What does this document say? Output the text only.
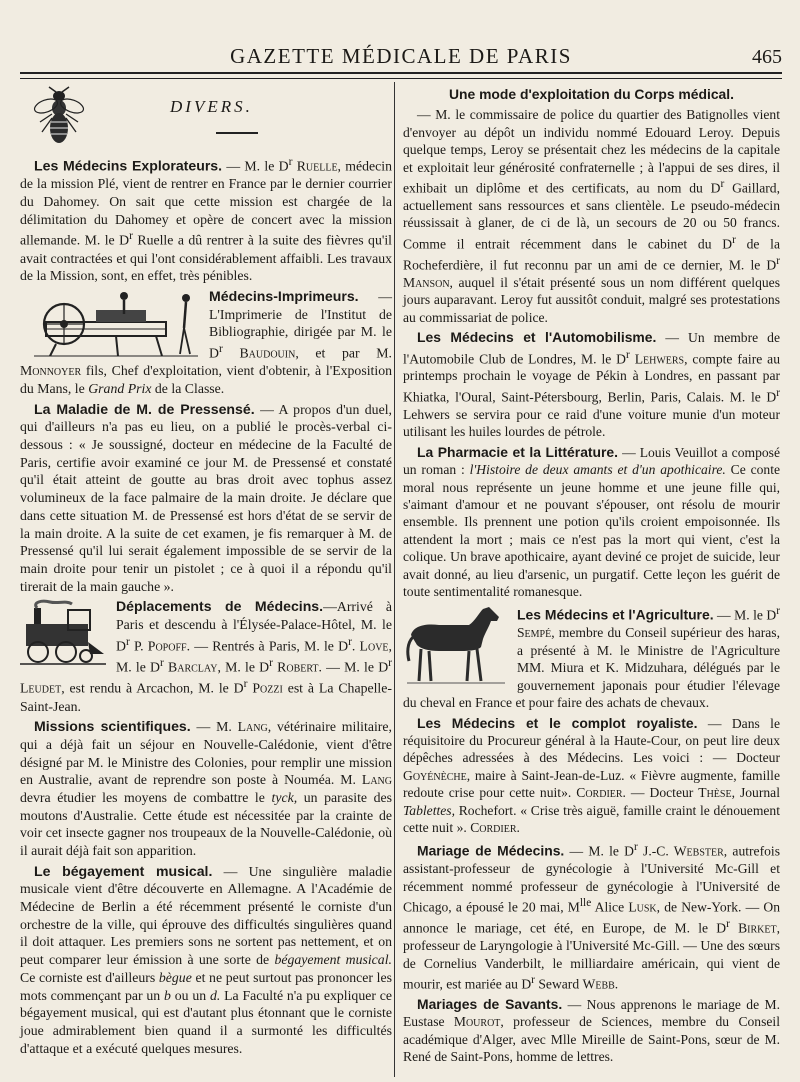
GAZETTE MÉDICALE DE PARIS	465
DIVERS.

Les Médecins Explorateurs. — M. le $D^r$ Ruelle, médecin de la mission Plé, vient de rentrer en France par le dernier courrier du Dahomey. On sait que cette mission est chargée de la délimitation du Dahomey et opère de concert avec la mission allemande. M. le $D^r$ Ruelle a dû rentrer à la suite des fièvres qu'il avait contractées et qui l'ont considérablement affaibli. Les travaux de la Mission, sont, en effet, très pénibles.

Médecins-Imprimeurs. — L'Imprimerie de l'Institut de Bibliographie, dirigée par M. le $D^r$ Baudouin, et par M. Monnoyer fils, Chef d'exploitation, vient d'obtenir, à l'Exposition du Mans, le Grand Prix de la Classe.

La Maladie de M. de Pressensé. — A propos d'un duel, qui d'ailleurs n'a pas eu lieu, on a publié le procès-verbal ci-dessous : « Je soussigné, docteur en médecine de la Faculté de Paris, certifie avoir examiné ce jour M. de Pressensé et constaté qu'il était atteint de goutte au bras droit avec tophus assez volumineux de la face palmaire de la main droite. Je déclare que dans cette situation M. de Pressensé est hors d'état de se servir de la main droite. A la suite de cet examen, je fis remarquer à M. de Pressensé qu'il lui serait également impossible de se servir de la main droite pour tenir un pistolet ; ce à quoi il a répondu qu'il tirerait de la main gauche ».

Déplacements de Médecins.—Arrivé à Paris et descendu à l'Élysée-Palace-Hôtel, M. le $D^r$ P. Popoff. — Rentrés à Paris, M. le $D^r$. Love, M. le $D^r$ Barclay, M. le $D^r$ Robert. — M. le $D^r$ Leudet, est rendu à Arcachon, M. le $D^r$ Pozzi est à La Chapelle-Saint-Jean.

Missions scientifiques. — M. Lang, vétérinaire militaire, qui a déjà fait un séjour en Nouvelle-Calédonie, vient d'être désigné par M. le Ministre des Colonies, pour remplir une mission en Australie, avant de reprendre son poste à Nouméa. M. Lang devra étudier les moyens de combattre le tyck, un parasite des moutons d'Australie. Cette étude est nécessitée par la crainte de voir cet insecte gagner nos troupeaux de la Nouvelle-Calédonie, où il aurait déjà fait son apparition.

Le bégayement musical. — Une singulière maladie musicale vient d'être découverte en Allemagne. A l'Académie de Médecine de Berlin a été récemment présenté le corniste d'un orchestre de la ville, qui éprouve des difficultés singulières quand il doit attaquer. Les premiers sons ne sortent pas nettement, et on peut comparer leur émission à une sorte de bégayement musical. Ce corniste est d'ailleurs bègue et ne peut surtout pas prononcer les mots commençant par un b ou un d. La Faculté n'a pu expliquer ce bégayement musical, qui est d'autant plus étonnant que le corniste joue admirablement bien quand il a surmonté les difficultés d'attaque et a exécuté quelques mesures.

Une mode d'exploitation du Corps médical.

— M. le commissaire de police du quartier des Batignolles vient d'envoyer au dépôt un individu nommé Edouard Leroy. Depuis quelque temps, Leroy se présentait chez les médecins de la capitale et exploitait leur générosité confraternelle ; à l'appui de ses dires, il exhibait un diplôme et des certificats, au nom du $D^r$ Gaillard, actuellement sans ressources et sans clientèle. Le pseudo-médecin réussissait à glaner, de ci de là, un secours de 20 ou 50 francs. Comme il entrait récemment dans le cabinet du $D^r$ de la Rocheferdière, il fut reconnu par un ami de ce dernier, M. le $D^r$ Manson, auquel il s'était présenté sous un nom différent quelques jours auparavant. Leroy fut aussitôt conduit, malgré ses protestations au commissariat de police.

Les Médecins et l'Automobilisme. — Un membre de l'Automobile Club de Londres, M. le $D^r$ Lehwers, compte faire au printemps prochain le voyage de Pékin à Londres, en passant par Khiatka, l'Oural, Saint-Pétersbourg, Berlin, Paris, Calais. M. le $D^r$ Lehwers se servira pour ce raid d'une voiture munie d'un moteur utilisant les huiles lourdes de pétrole.

La Pharmacie et la Littérature. — Louis Veuillot a composé un roman : l'Histoire de deux amants et d'un apothicaire. Ce conte moral nous représente un jeune homme et une jeune fille qui, s'aimant d'amour et ne pouvant s'épouser, ont résolu de mourir ensemble. Ils prennent une potion qu'ils croient empoisonnée. Ils attendent la mort ; mais ce n'est pas la mort qui vient, c'est la colique. Un brave apothicaire, ayant deviné ce projet de suicide, leur avait donné, au lieu d'arsenic, un purgatif. Cette leçon les guérit de toute sentimentalité romanesque.

Les Médecins et l'Agriculture. — M. le $D^r$ Sempé, membre du Conseil supérieur des haras, a présenté à M. le Ministre de l'Agriculture MM. Miura et K. Midzuhara, délégués par le gouvernement japonais pour étudier l'élevage du cheval en France et pour faire des achats de chevaux.

Les Médecins et le complot royaliste. — Dans le réquisitoire du Procureur général à la Haute-Cour, on peut lire deux dépêches adressées à des Médecins. Les voici : — Docteur Goyénèche, maire à Saint-Jean-de-Luz. « Fièvre augmente, famille redoute crise pour cette nuit». Cordier. — Docteur Thèse, Journal Tablettes, Rochefort. « Crise très aiguë, famille craint le dénouement cette nuit ». Cordier.

Mariage de Médecins. — M. le $D^r$ J.-C. Webster, autrefois assistant-professeur de gynécologie à l'Université Mc-Gill et récemment nommé professeur de gynécologie à l'Université de Chicago, a épousé le 20 mai, $M^{lle}$ Alice Lusk, de New-York. — On annonce le mariage, cet été, en Europe, de M. le $D^r$ Birket, professeur de Laryngologie à l'Université Mc-Gill. — Une des sœurs de Cornelius Vanderbilt, le milliardaire américain, qui vient de mourir, est mariée au $D^r$ Seward Webb.

Mariages de Savants. — Nous apprenons le mariage de M. Eustase Mourot, professeur de Sciences, membre du Conseil académique d'Alger, avec Mlle Mireille de Saint-Pons, sœur de M. René de Saint-Pons, homme de lettres.
